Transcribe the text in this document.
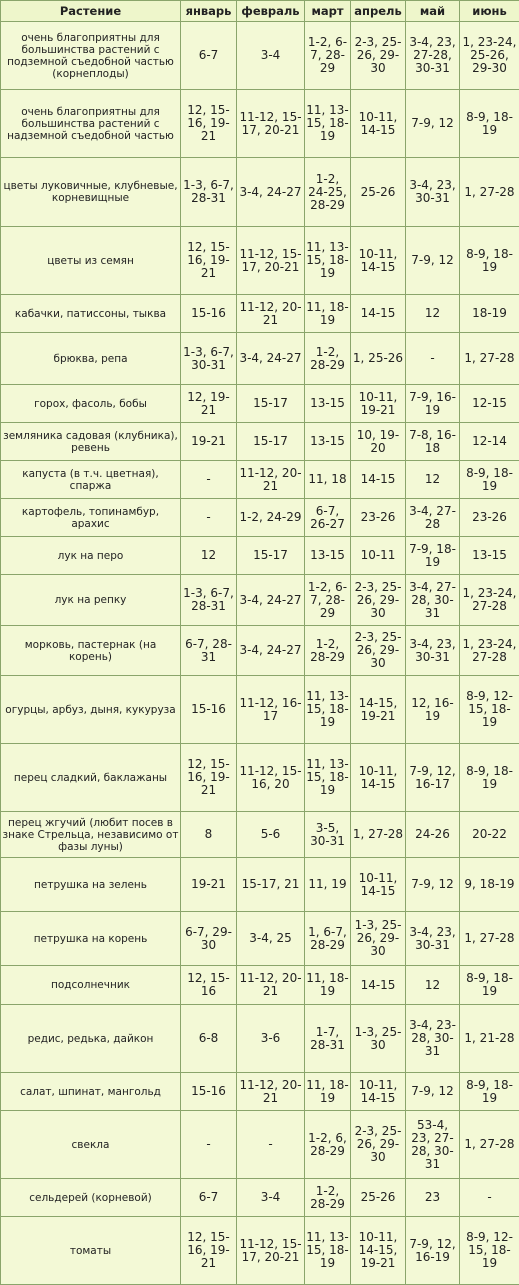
Растение	январь	февраль	март	апрель	май	июнь
очень благоприятны для большинства растений с подземной съедобной частью (корнеплоды)	6-7	3-4	1-2, 6-7, 28-29	2-3, 25-26, 29-30	3-4, 23, 27-28, 30-31	1, 23-24, 25-26, 29-30
очень благоприятны для большинства растений с надземной съедобной частью	12, 15-16, 19-21	11-12, 15-17, 20-21	11, 13-15, 18-19	10-11, 14-15	7-9, 12	8-9, 18-19
цветы луковичные, клубневые, корневищные	1-3, 6-7, 28-31	3-4, 24-27	1-2, 24-25, 28-29	25-26	3-4, 23, 30-31	1, 27-28
цветы из семян	12, 15-16, 19-21	11-12, 15-17, 20-21	11, 13-15, 18-19	10-11, 14-15	7-9, 12	8-9, 18-19
кабачки, патиссоны, тыква	15-16	11-12, 20-21	11, 18-19	14-15	12	18-19
брюква, репа	1-3, 6-7, 30-31	3-4, 24-27	1-2, 28-29	1, 25-26	-	1, 27-28
горох, фасоль, бобы	12, 19-21	15-17	13-15	10-11, 19-21	7-9, 16-19	12-15
земляника садовая (клубника), ревень	19-21	15-17	13-15	10, 19-20	7-8, 16-18	12-14
капуста (в т.ч. цветная), спаржа	-	11-12, 20-21	11, 18	14-15	12	8-9, 18-19
картофель, топинамбур, арахис	-	1-2, 24-29	6-7, 26-27	23-26	3-4, 27-28	23-26
лук на перо	12	15-17	13-15	10-11	7-9, 18-19	13-15
лук на репку	1-3, 6-7, 28-31	3-4, 24-27	1-2, 6-7, 28-29	2-3, 25-26, 29-30	3-4, 27-28, 30-31	1, 23-24, 27-28
морковь, пастернак (на корень)	6-7, 28-31	3-4, 24-27	1-2, 28-29	2-3, 25-26, 29-30	3-4, 23, 30-31	1, 23-24, 27-28
огурцы, арбуз, дыня, кукуруза	15-16	11-12, 16-17	11, 13-15, 18-19	14-15, 19-21	12, 16-19	8-9, 12-15, 18-19
перец сладкий, баклажаны	12, 15-16, 19-21	11-12, 15-16, 20	11, 13-15, 18-19	10-11, 14-15	7-9, 12, 16-17	8-9, 18-19
перец жгучий (любит посев в знаке Стрельца, независимо от фазы луны)	8	5-6	3-5, 30-31	1, 27-28	24-26	20-22
петрушка на зелень	19-21	15-17, 21	11, 19	10-11, 14-15	7-9, 12	9, 18-19
петрушка на корень	6-7, 29-30	3-4, 25	1, 6-7, 28-29	1-3, 25-26, 29-30	3-4, 23, 30-31	1, 27-28
подсолнечник	12, 15-16	11-12, 20-21	11, 18-19	14-15	12	8-9, 18-19
редис, редька, дайкон	6-8	3-6	1-7, 28-31	1-3, 25-30	3-4, 23-28, 30-31	1, 21-28
салат, шпинат, мангольд	15-16	11-12, 20-21	11, 18-19	10-11, 14-15	7-9, 12	8-9, 18-19
свекла	-	-	1-2, 6, 28-29	2-3, 25-26, 29-30	53-4, 23, 27-28, 30-31	1, 27-28
сельдерей (корневой)	6-7	3-4	1-2, 28-29	25-26	23	-
томаты	12, 15-16, 19-21	11-12, 15-17, 20-21	11, 13-15, 18-19	10-11, 14-15, 19-21	7-9, 12, 16-19	8-9, 12-15, 18-19
